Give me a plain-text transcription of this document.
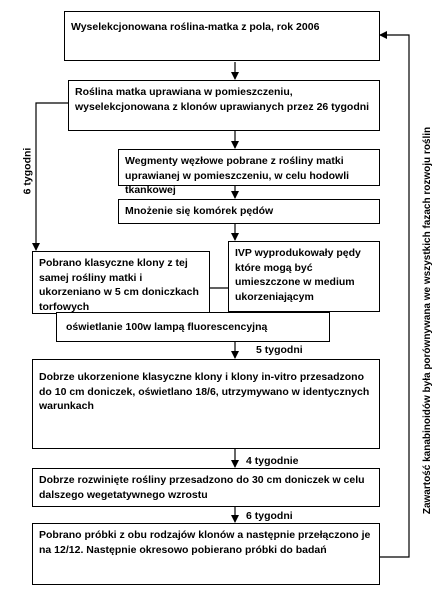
Wyselekcjonowana roślina-matka z pola, rok 2006
Roślina matka uprawiana w pomieszczeniu, wyselekcjonowana z klonów uprawianych przez 26 tygodni
Wegmenty węzłowe pobrane z rośliny matki uprawianej w pomieszczeniu, w celu hodowli tkankowej
Mnożenie się komórek pędów
Pobrano klasyczne klony z tej samej rośliny matki i ukorzeniano w 5 cm doniczkach torfowych
IVP wyprodukowały pędy które mogą być umieszczone w medium ukorzeniającym
oświetlanie 100w lampą fluorescencyjną
Dobrze ukorzenione klasyczne klony i klony in-vitro przesadzono do 10 cm doniczek, oświetlano 18/6, utrzymywano w identycznych warunkach
Dobrze rozwinięte rośliny przesadzono do 30 cm doniczek w celu dalszego wegetatywnego wzrostu
Pobrano próbki z obu rodzajów klonów a następnie przełączono je na 12/12. Następnie okresowo pobierano próbki do badań
6 tygodni
5 tygodni
4 tygodnie
6 tygodni
Zawartość kanabinoidów była porównywana we wszystkich fazach rozwoju roślin
